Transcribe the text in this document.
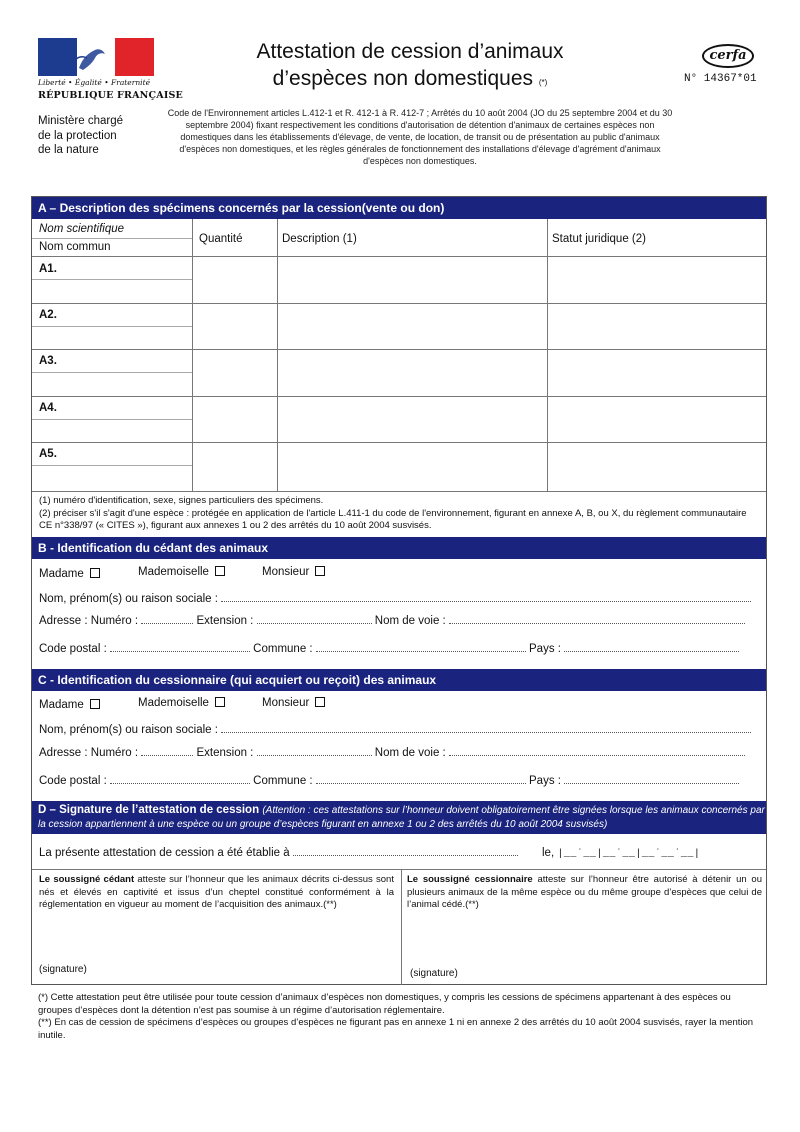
Liberté • Égalité • Fraternité
RÉPUBLIQUE FRANÇAISE
Ministère chargé
de la protection
de la nature
Attestation de cession d’animaux
d’espèces non domestiques (*)
cerfa
N° 14367*01
Code de l'Environnement articles L.412-1 et R. 412-1 à R. 412-7 ; Arrêtés du 10 août 2004 (JO du 25 septembre 2004 et du 30 septembre 2004) fixant respectivement les conditions d'autorisation de détention d'animaux de certaines espèces non domestiques dans les établissements d'élevage, de vente, de location, de transit ou de présentation au public d'animaux d'espèces non domestiques, et les règles générales de fonctionnement des installations d'élevage d'agrément d'animaux d'espèces non domestiques.
A – Description des spécimens concernés par la cession(vente ou don)
Nom scientifique
Nom commun
Quantité	Description (1)	Statut juridique (2)
A1.
A2.
A3.
A4.
A5.
(1) numéro d'identification, sexe, signes particuliers des spécimens.
(2) préciser s'il s'agit d'une espèce : protégée en application de l'article L.411-1 du code de l'environnement, figurant en annexe A, B, ou X, du règlement communautaire CE n°338/97 (« CITES »), figurant aux annexes 1 ou 2 des arrêtés du 10 août 2004 susvisés.
B - Identification du cédant des animaux
Madame	Mademoiselle	Monsieur
Nom, prénom(s) ou raison sociale :
Adresse : Numéro :	Extension :	Nom de voie :
Code postal :	Commune :	Pays :
C - Identification du cessionnaire (qui acquiert ou reçoit) des animaux
Madame	Mademoiselle	Monsieur
Nom, prénom(s) ou raison sociale :
Adresse : Numéro :	Extension :	Nom de voie :
Code postal :	Commune :	Pays :
D – Signature de l’attestation de cession (Attention : ces attestations sur l’honneur doivent obligatoirement être signées lorsque les animaux concernés par la cession appartiennent à une espèce ou un groupe d’espèces figurant en annexe 1 ou 2 des arrêtés du 10 août 2004 susvisés)
La présente attestation de cession a été établie à	le, |__˙__|__˙__|__˙__˙__|
Le soussigné cédant atteste sur l’honneur que les animaux décrits ci-dessus sont nés et élevés en captivité et issus d’un cheptel constitué conformément à la réglementation en vigueur au moment de l’acquisition des animaux.(**)
Le soussigné cessionnaire atteste sur l’honneur être autorisé à détenir un ou plusieurs animaux de la même espèce ou du même groupe d’espèces que celui de l’animal cédé.(**)
(signature)	(signature)
(*) Cette attestation peut être utilisée pour toute cession d’animaux d’espèces non domestiques, y compris les cessions de spécimens appartenant à des espèces ou groupes d’espèces dont la détention n’est pas soumise à un régime d’autorisation réglementaire.
(**) En cas de cession de spécimens d’espèces ou groupes d’espèces ne figurant pas en annexe 1 ni en annexe 2 des arrêtés du 10 août 2004 susvisés, rayer la mention inutile.
